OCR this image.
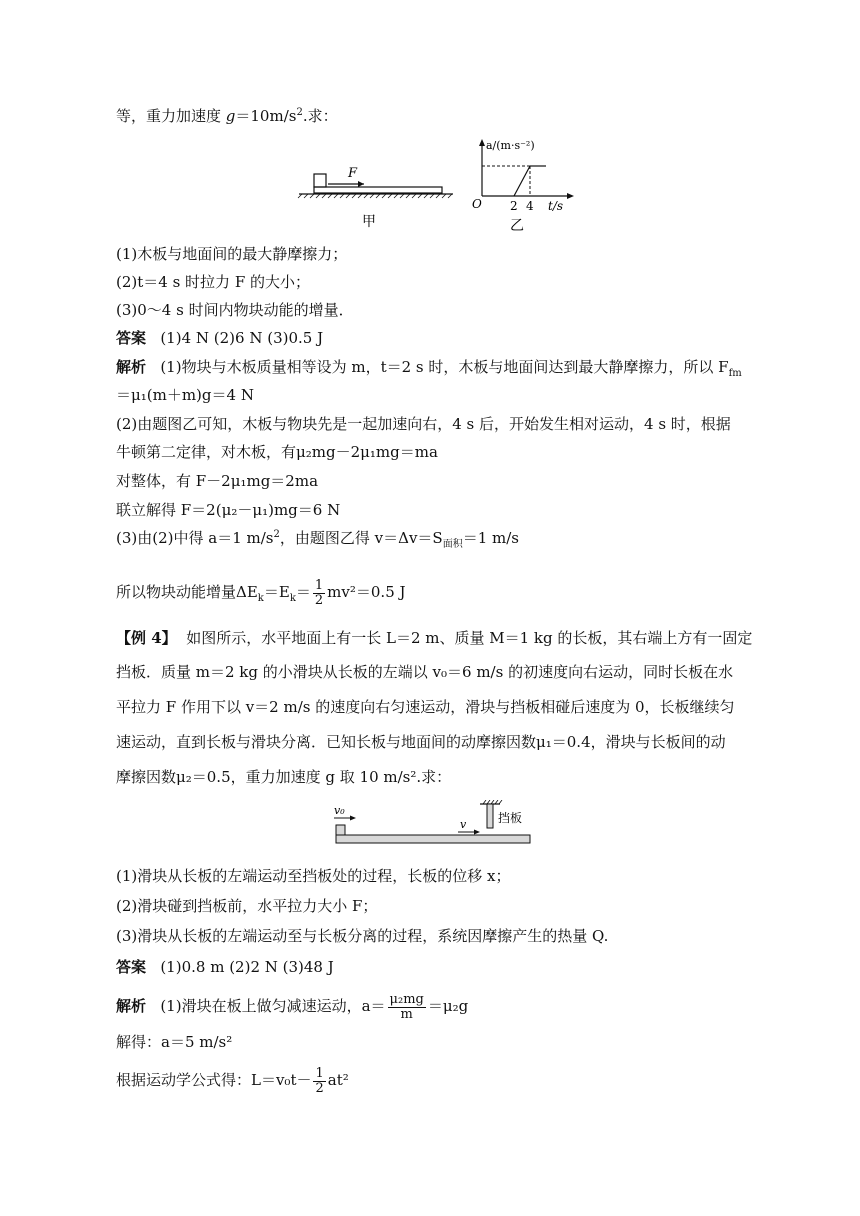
等，重力加速度 $g=10m/s^2$.求：
F
甲
a/(m·s⁻²)
O 2 4 t/s
乙
(1)木板与地面间的最大静摩擦力；
(2)t＝4 s 时拉力 F 的大小；
(3)0～4 s 时间内物块动能的增量．
答案 (1)4 N (2)6 N (3)0.5 J
解析 (1)物块与木板质量相等设为 m，t＝2 s 时，木板与地面间达到最大静摩擦力，所以 $F_{fm}$
＝μ₁(m＋m)g＝4 N
(2)由题图乙可知，木板与物块先是一起加速向右，4 s 后，开始发生相对运动，4 s 时，根据
牛顿第二定律，对木板，有μ₂mg－2μ₁mg＝ma
对整体，有 F－2μ₁mg＝2ma
联立解得 F＝2(μ₂－μ₁)mg＝6 N
(3)由(2)中得 a＝1 $m/s^2$，由题图乙得 $v=\Delta v=S_{面积}=1$ m/s
所以物块动能增量$\Delta E_k=E_k= \frac{1}{2} mv^2=0.5$ J
【例 4】 如图所示，水平地面上有一长 L＝2 m、质量 M＝1 kg 的长板，其右端上方有一固定
挡板．质量 m＝2 kg 的小滑块从长板的左端以 v₀＝6 m/s 的初速度向右运动，同时长板在水
平拉力 F 作用下以 v＝2 m/s 的速度向右匀速运动，滑块与挡板相碰后速度为 0，长板继续匀
速运动，直到长板与滑块分离．已知长板与地面间的动摩擦因数μ₁＝0.4，滑块与长板间的动
摩擦因数μ₂＝0.5，重力加速度 g 取 10 m/s².求：
v₀
v	挡板
(1)滑块从长板的左端运动至挡板处的过程，长板的位移 x；
(2)滑块碰到挡板前，水平拉力大小 F；
(3)滑块从长板的左端运动至与长板分离的过程，系统因摩擦产生的热量 Q.
答案 (1)0.8 m (2)2 N (3)48 J
解析 (1)滑块在板上做匀减速运动，$a= \frac{\text{μ₂mg}}{m} =\mu_2g$
解得：a＝5 m/s²
根据运动学公式得：$L=v_0t- \frac{1}{2} at^2$
